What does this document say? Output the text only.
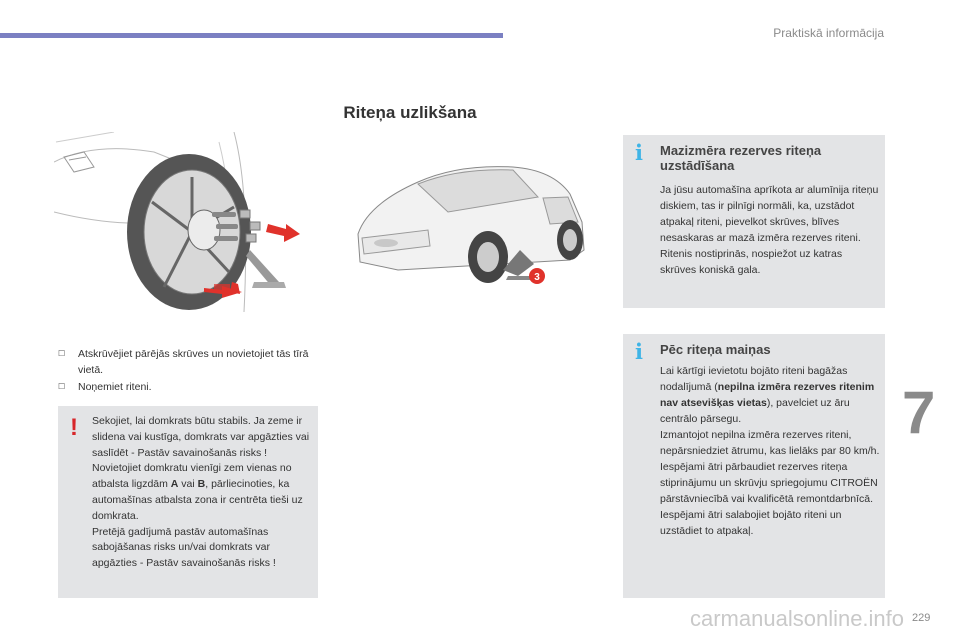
Praktiskā informācija
7
229
Riteņa uzlikšana
3
☐	Atskrūvējiet pārējās skrūves un novietojiet tās tīrā vietā.
☐	Noņemiet riteni.
! Sekojiet, lai domkrats būtu stabils. Ja zeme ir slidena vai kustīga, domkrats var apgāzties vai saslīdēt - Pastāv savainošanās risks !
Novietojiet domkratu vienīgi zem vienas no atbalsta ligzdām A vai B, pārliecinoties, ka automašīnas atbalsta zona ir centrēta tieši uz domkrata.
Pretējā gadījumā pastāv automašīnas sabojāšanas risks un/vai domkrats var apgāzties - Pastāv savainošanās risks !
i Mazizmēra rezerves riteņa uzstādīšana
Ja jūsu automašīna aprīkota ar alumīnija riteņu diskiem, tas ir pilnīgi normāli, ka, uzstādot atpakaļ riteni, pievelkot skrūves, blīves nesaskaras ar mazā izmēra rezerves riteni. Ritenis nostiprinās, nospiežot uz katras skrūves koniskā gala.
i Pēc riteņa maiņas
Lai kārtīgi ievietotu bojāto riteni bagāžas nodalījumā (nepilna izmēra rezerves ritenim nav atsevišķas vietas), pavelciet uz āru centrālo pārsegu.
Izmantojot nepilna izmēra rezerves riteni, nepārsniedziet ātrumu, kas lielāks par 80 km/h.
Iespējami ātri pārbaudiet rezerves riteņa stiprinājumu un skrūvju spriegojumu CITROËN pārstāvniecībā vai kvalificētā remontdarbnīcā.
Iespējami ātri salabojiet bojāto riteni un uzstādiet to atpakaļ.
carmanualsonline.info
